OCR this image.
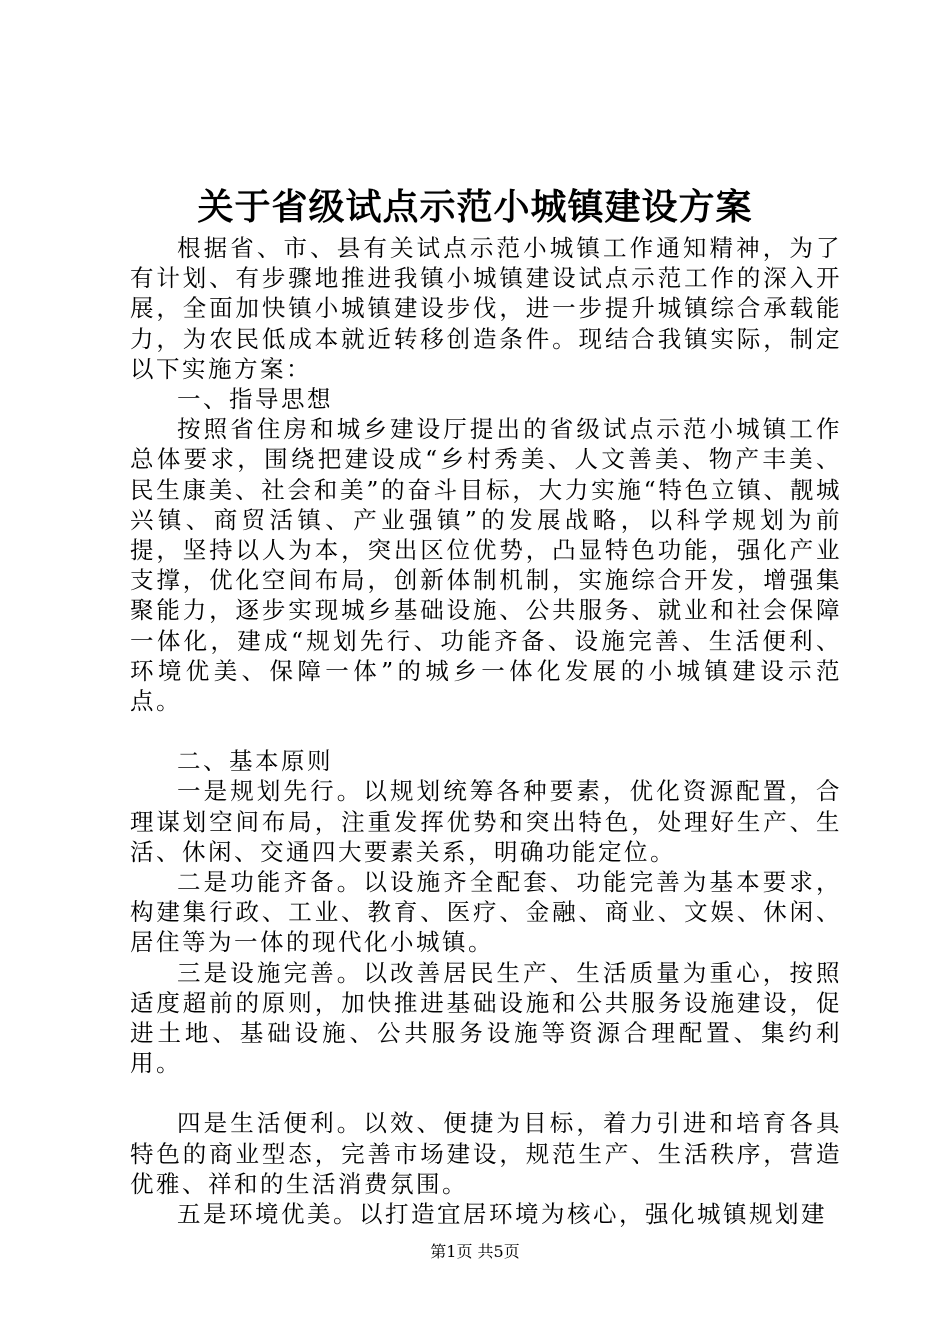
关于省级试点示范小城镇建设方案

根据省、市、县有关试点示范小城镇工作通知精神，为了有计划、有步骤地推进我镇小城镇建设试点示范工作的深入开展，全面加快镇小城镇建设步伐，进一步提升城镇综合承载能力，为农民低成本就近转移创造条件。现结合我镇实际，制定以下实施方案：

一、指导思想

按照省住房和城乡建设厅提出的省级试点示范小城镇工作总体要求，围绕把建设成“乡村秀美、人文善美、物产丰美、民生康美、社会和美”的奋斗目标，大力实施“特色立镇、靓城兴镇、商贸活镇、产业强镇”的发展战略，以科学规划为前提，坚持以人为本，突出区位优势，凸显特色功能，强化产业支撑，优化空间布局，创新体制机制，实施综合开发，增强集聚能力，逐步实现城乡基础设施、公共服务、就业和社会保障一体化，建成“规划先行、功能齐备、设施完善、生活便利、环境优美、保障一体”的城乡一体化发展的小城镇建设示范点。

二、基本原则

一是规划先行。以规划统筹各种要素，优化资源配置，合理谋划空间布局，注重发挥优势和突出特色，处理好生产、生活、休闲、交通四大要素关系，明确功能定位。

二是功能齐备。以设施齐全配套、功能完善为基本要求，构建集行政、工业、教育、医疗、金融、商业、文娱、休闲、居住等为一体的现代化小城镇。

三是设施完善。以改善居民生产、生活质量为重心，按照适度超前的原则，加快推进基础设施和公共服务设施建设，促进土地、基础设施、公共服务设施等资源合理配置、集约利用。

四是生活便利。以效、便捷为目标，着力引进和培育各具特色的商业型态，完善市场建设，规范生产、生活秩序，营造优雅、祥和的生活消费氛围。

五是环境优美。以打造宜居环境为核心，强化城镇规划建

第1页 共5页
